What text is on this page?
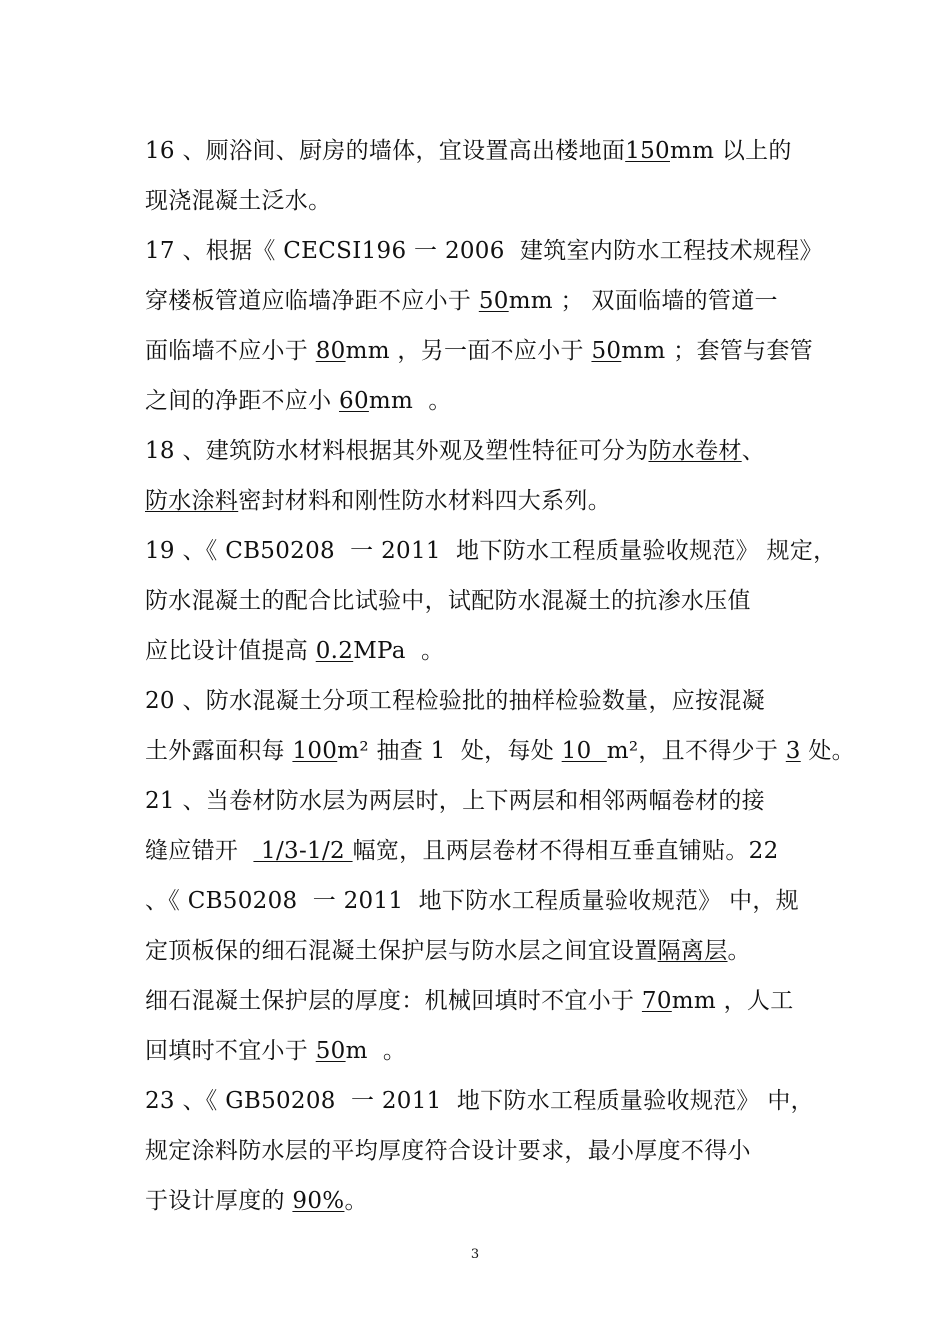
16 、厕浴间、厨房的墙体，宜设置高出楼地面150mm 以上的
现浇混凝土泛水。
17 、根据《 CECSI196 一 2006  建筑室内防水工程技术规程》
穿楼板管道应临墙净距不应小于 50mm ； 双面临墙的管道一
面临墙不应小于 80mm ，另一面不应小于 50mm ；套管与套管
之间的净距不应小 60mm  。
18 、建筑防水材料根据其外观及塑性特征可分为防水卷材、
防水涂料密封材料和刚性防水材料四大系列。
19 、《 CB50208  一 2011  地下防水工程质量验收规范》 规定，
防水混凝土的配合比试验中，试配防水混凝土的抗渗水压值
应比设计值提高 0.2MPa  。
20 、防水混凝土分项工程检验批的抽样检验数量，应按混凝
土外露面积每 100m² 抽查 1  处，每处 10  m²，且不得少于 3 处。
21 、当卷材防水层为两层时，上下两层和相邻两幅卷材的接
缝应错开   1/3-1/2 幅宽，且两层卷材不得相互垂直铺贴。22
、《 CB50208  一 2011  地下防水工程质量验收规范》 中，规
定顶板保的细石混凝土保护层与防水层之间宜设置隔离层。
细石混凝土保护层的厚度：机械回填时不宜小于 70mm ，人工
回填时不宜小于 50m  。
23 、《 GB50208  一 2011  地下防水工程质量验收规范》 中，
规定涂料防水层的平均厚度符合设计要求，最小厚度不得小
于设计厚度的 90%。
3
